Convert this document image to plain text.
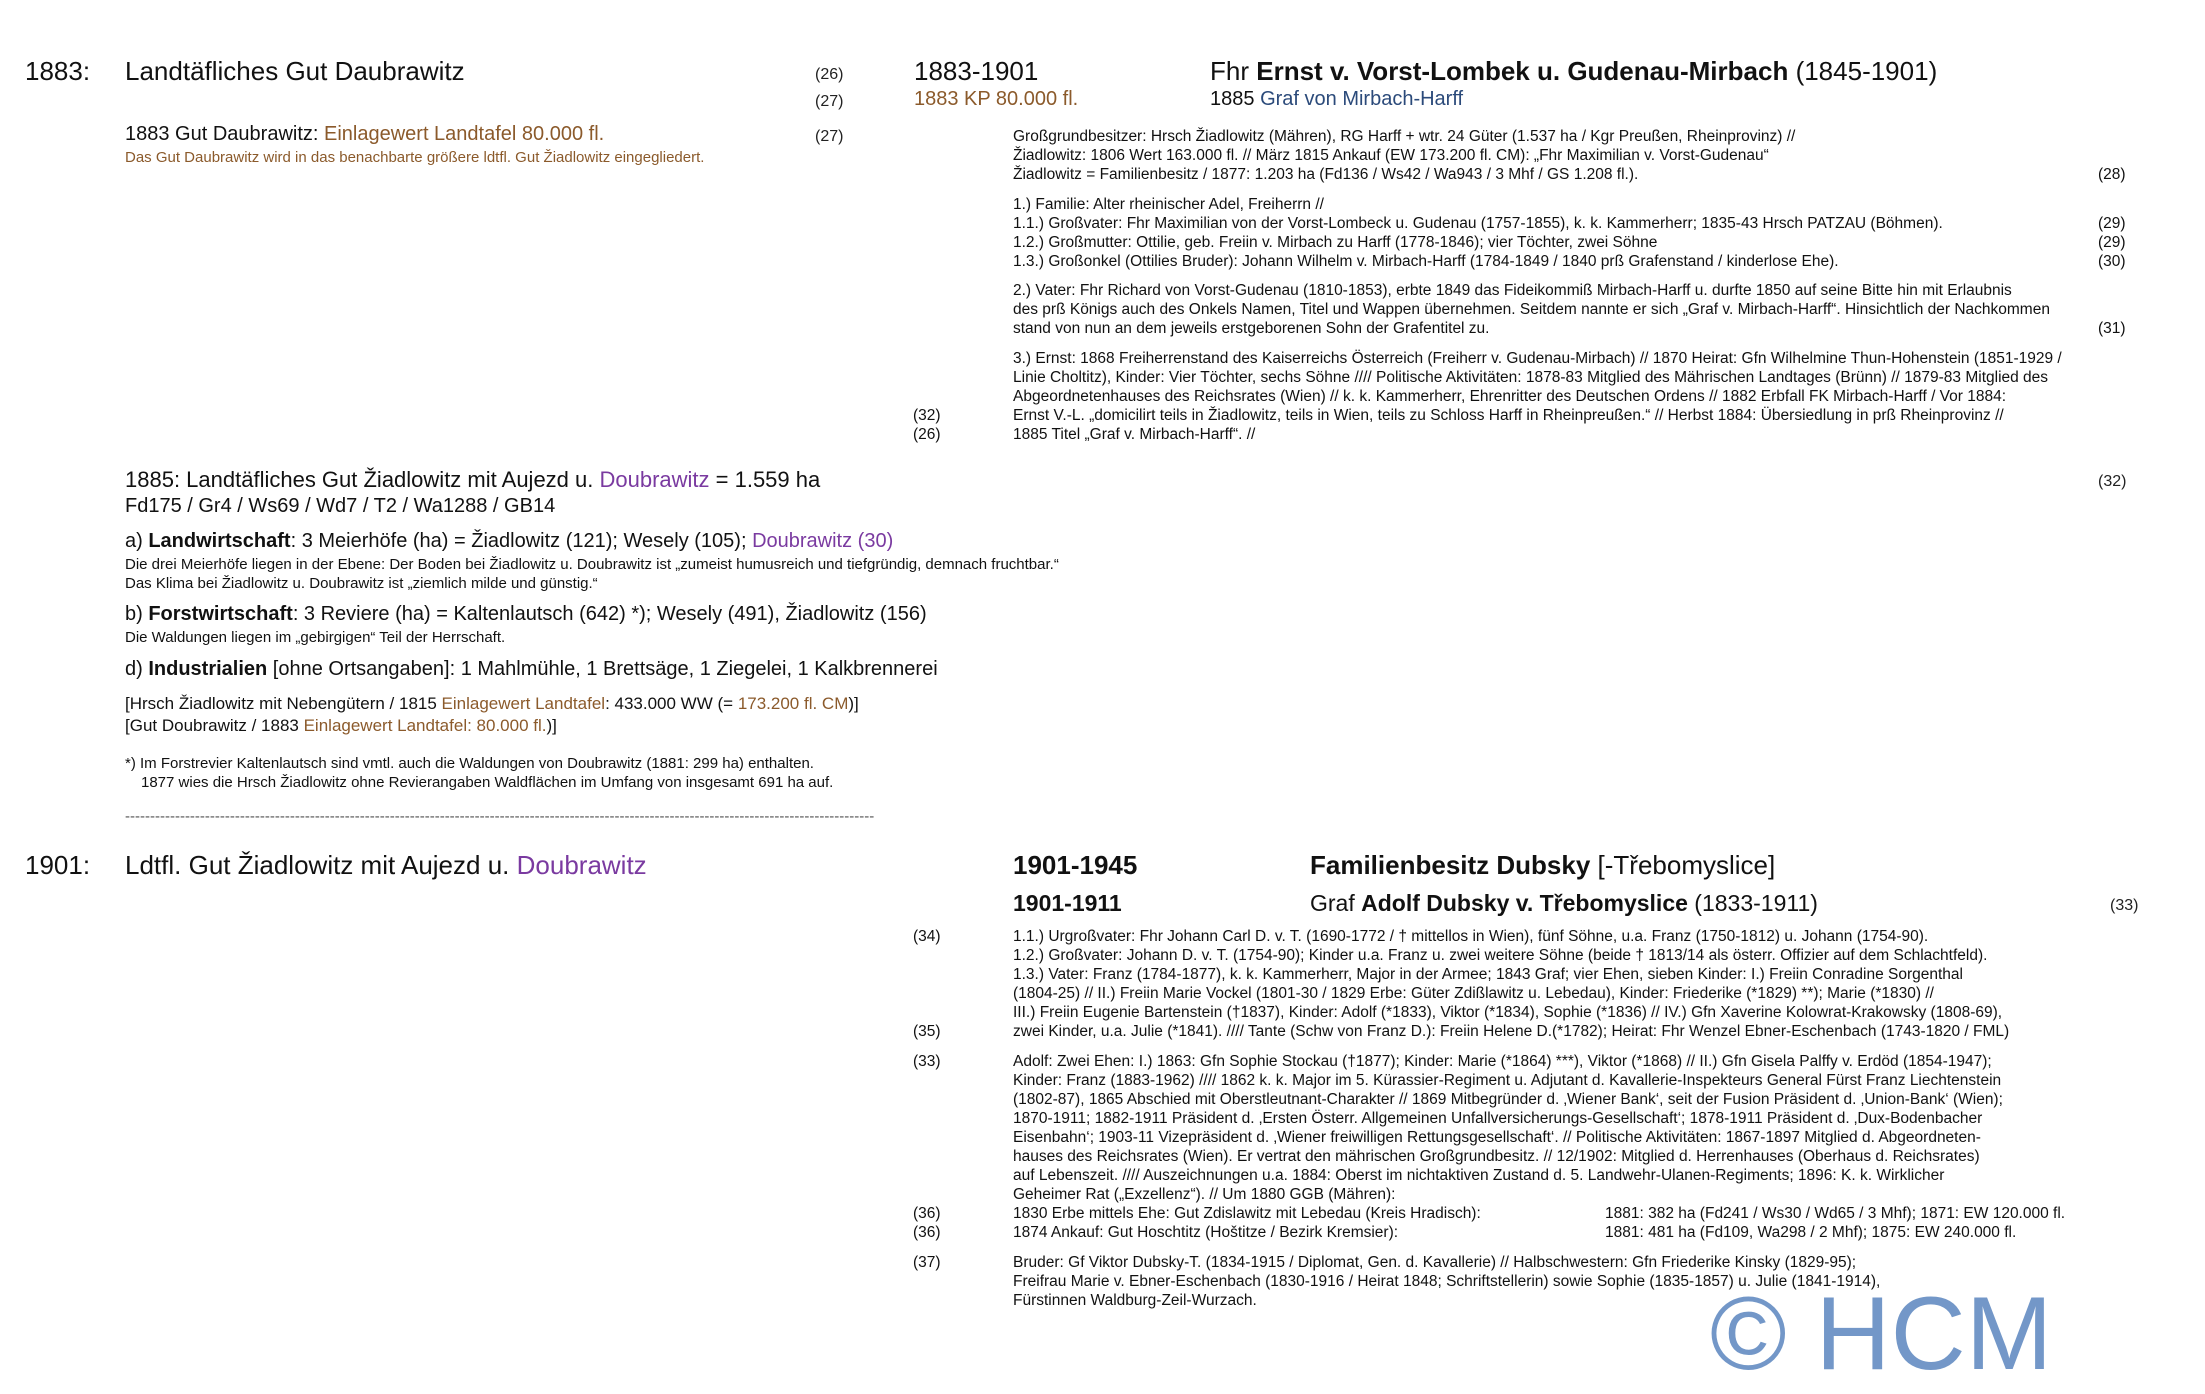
1883: Landtäfliches Gut Daubrawitz	(26)
(27)
1883 Gut Daubrawitz: Einlagewert Landtafel 80.000 fl.	(27)
Das Gut Daubrawitz wird in das benachbarte größere ldtfl. Gut Žiadlowitz eingegliedert.
1883-1901
1883 KP 80.000 fl.
Fhr Ernst v. Vorst-Lombek u. Gudenau-Mirbach (1845-1901)
1885 Graf von Mirbach-Harff
Großgrundbesitzer: Hrsch Žiadlowitz (Mähren), RG Harff + wtr. 24 Güter (1.537 ha / Kgr Preußen, Rheinprovinz) //
Žiadlowitz: 1806 Wert 163.000 fl. // März 1815 Ankauf (EW 173.200 fl. CM): „Fhr Maximilian v. Vorst-Gudenau“
Žiadlowitz = Familienbesitz / 1877: 1.203 ha (Fd136 / Ws42 / Wa943 / 3 Mhf / GS 1.208 fl.).	(28)
1.) Familie: Alter rheinischer Adel, Freiherrn //
1.1.) Großvater: Fhr Maximilian von der Vorst-Lombeck u. Gudenau (1757-1855), k. k. Kammerherr; 1835-43 Hrsch PATZAU (Böhmen).	(29)
1.2.) Großmutter: Ottilie, geb. Freiin v. Mirbach zu Harff (1778-1846); vier Töchter, zwei Söhne	(29)
1.3.) Großonkel (Ottilies Bruder): Johann Wilhelm v. Mirbach-Harff (1784-1849 / 1840 prß Grafenstand / kinderlose Ehe).	(30)
2.) Vater: Fhr Richard von Vorst-Gudenau (1810-1853), erbte 1849 das Fideikommiß Mirbach-Harff u. durfte 1850 auf seine Bitte hin mit Erlaubnis
des prß Königs auch des Onkels Namen, Titel und Wappen übernehmen. Seitdem nannte er sich „Graf v. Mirbach-Harff“. Hinsichtlich der Nachkommen
stand von nun an dem jeweils erstgeborenen Sohn der Grafentitel zu.	(31)
3.) Ernst: 1868 Freiherrenstand des Kaiserreichs Österreich (Freiherr v. Gudenau-Mirbach) // 1870 Heirat: Gfn Wilhelmine Thun-Hohenstein (1851-1929 /
Linie Choltitz), Kinder: Vier Töchter, sechs Söhne //// Politische Aktivitäten: 1878-83 Mitglied des Mährischen Landtages (Brünn) // 1879-83 Mitglied des
Abgeordnetenhauses des Reichsrates (Wien) // k. k. Kammerherr, Ehrenritter des Deutschen Ordens // 1882 Erbfall FK Mirbach-Harff / Vor 1884:
Ernst V.-L. „domicilirt teils in Žiadlowitz, teils in Wien, teils zu Schloss Harff in Rheinpreußen.“ // Herbst 1884: Übersiedlung in prß Rheinprovinz //
(32)
1885 Titel „Graf v. Mirbach-Harff“. //
(26)
1885: Landtäfliches Gut Žiadlowitz mit Aujezd u. Doubrawitz = 1.559 ha	(32)
Fd175 / Gr4 / Ws69 / Wd7 / T2 / Wa1288 / GB14
a) Landwirtschaft: 3 Meierhöfe (ha) = Žiadlowitz (121); Wesely (105); Doubrawitz (30)
Die drei Meierhöfe liegen in der Ebene: Der Boden bei Žiadlowitz u. Doubrawitz ist „zumeist humusreich und tiefgründig, demnach fruchtbar.“
Das Klima bei Žiadlowitz u. Doubrawitz ist „ziemlich milde und günstig.“
b) Forstwirtschaft: 3 Reviere (ha) = Kaltenlautsch (642) *); Wesely (491), Žiadlowitz (156)
Die Waldungen liegen im „gebirgigen“ Teil der Herrschaft.
d) Industrialien [ohne Ortsangaben]: 1 Mahlmühle, 1 Brettsäge, 1 Ziegelei, 1 Kalkbrennerei
[Hrsch Žiadlowitz mit Nebengütern / 1815 Einlagewert Landtafel: 433.000 WW (= 173.200 fl. CM)]
[Gut Doubrawitz / 1883 Einlagewert Landtafel: 80.000 fl.)]
*) Im Forstrevier Kaltenlautsch sind vmtl. auch die Waldungen von Doubrawitz (1881: 299 ha) enthalten.
1877 wies die Hrsch Žiadlowitz ohne Revierangaben Waldflächen im Umfang von insgesamt 691 ha auf.
------------------------------------------------------------------------------------------------------------------------------------------------------
1901: Ldtfl. Gut Žiadlowitz mit Aujezd u. Doubrawitz	1901-1945	Familienbesitz Dubsky [-Třebomyslice]
1901-1911	Graf Adolf Dubsky v. Třebomyslice (1833-1911)	(33)
(34)	1.1.) Urgroßvater: Fhr Johann Carl D. v. T. (1690-1772 / † mittellos in Wien), fünf Söhne, u.a. Franz (1750-1812) u. Johann (1754-90).
1.2.) Großvater: Johann D. v. T. (1754-90); Kinder u.a. Franz u. zwei weitere Söhne (beide † 1813/14 als österr. Offizier auf dem Schlachtfeld).
1.3.) Vater: Franz (1784-1877), k. k. Kammerherr, Major in der Armee; 1843 Graf; vier Ehen, sieben Kinder: I.) Freiin Conradine Sorgenthal
(1804-25) // II.) Freiin Marie Vockel (1801-30 / 1829 Erbe: Güter Zdißlawitz u. Lebedau), Kinder: Friederike (*1829) **); Marie (*1830) //
III.) Freiin Eugenie Bartenstein (†1837), Kinder: Adolf (*1833), Viktor (*1834), Sophie (*1836) // IV.) Gfn Xaverine Kolowrat-Krakowsky (1808-69),
(35)	zwei Kinder, u.a. Julie (*1841). //// Tante (Schw von Franz D.): Freiin Helene D.(*1782); Heirat: Fhr Wenzel Ebner-Eschenbach (1743-1820 / FML)
(33)	Adolf: Zwei Ehen: I.) 1863: Gfn Sophie Stockau (†1877); Kinder: Marie (*1864) ***), Viktor (*1868) // II.) Gfn Gisela Palffy v. Erdöd (1854-1947);
Kinder: Franz (1883-1962) //// 1862 k. k. Major im 5. Kürassier-Regiment u. Adjutant d. Kavallerie-Inspekteurs General Fürst Franz Liechtenstein
(1802-87), 1865 Abschied mit Oberstleutnant-Charakter // 1869 Mitbegründer d. ‚Wiener Bank‘, seit der Fusion Präsident d. ‚Union-Bank‘ (Wien);
1870-1911; 1882-1911 Präsident d. ‚Ersten Österr. Allgemeinen Unfallversicherungs-Gesellschaft‘; 1878-1911 Präsident d. ‚Dux-Bodenbacher
Eisenbahn‘; 1903-11 Vizepräsident d. ‚Wiener freiwilligen Rettungsgesellschaft‘. // Politische Aktivitäten: 1867-1897 Mitglied d. Abgeordneten-
hauses des Reichsrates (Wien). Er vertrat den mährischen Großgrundbesitz. // 12/1902: Mitglied d. Herrenhauses (Oberhaus d. Reichsrates)
auf Lebenszeit. //// Auszeichnungen u.a. 1884: Oberst im nichtaktiven Zustand d. 5. Landwehr-Ulanen-Regiments; 1896: K. k. Wirklicher
Geheimer Rat („Exzellenz“). // Um 1880 GGB (Mähren):
(36)	1830 Erbe mittels Ehe: Gut Zdislawitz mit Lebedau (Kreis Hradisch):	1881: 382 ha (Fd241 / Ws30 / Wd65 / 3 Mhf); 1871: EW 120.000 fl.
(36)	1874 Ankauf: Gut Hoschtitz (Hoštitze / Bezirk Kremsier):	1881: 481 ha (Fd109, Wa298 / 2 Mhf); 1875: EW 240.000 fl.
(37)	Bruder: Gf Viktor Dubsky-T. (1834-1915 / Diplomat, Gen. d. Kavallerie) // Halbschwestern: Gfn Friederike Kinsky (1829-95);
Freifrau Marie v. Ebner-Eschenbach (1830-1916 / Heirat 1848; Schriftstellerin) sowie Sophie (1835-1857) u. Julie (1841-1914),
Fürstinnen Waldburg-Zeil-Wurzach.	© HCM
